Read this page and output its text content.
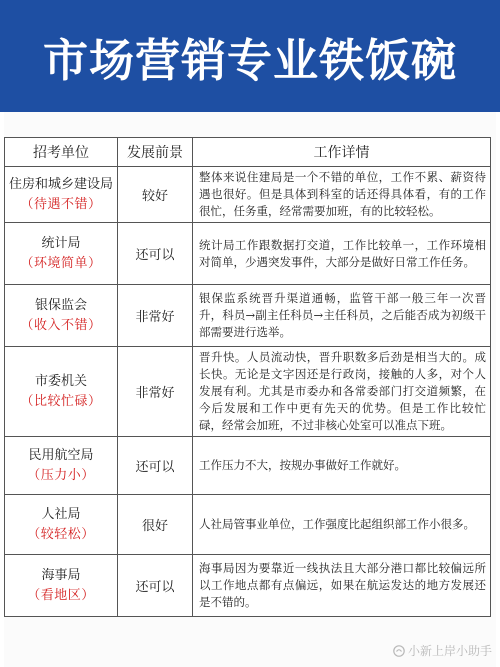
市场营销专业铁饭碗
招考单位	发展前景	工作详情

住房和城乡建设局
（待遇不错）	较好	整体来说住建局是一个不错的单位，工作不累、薪资待遇也很好。但是具体到科室的话还得具体看，有的工作很忙，任务重，经常需要加班，有的比较轻松。

统计局
（环境简单）	还可以	统计局工作跟数据打交道，工作比较单一，工作环境相对简单，少遇突发事件，大部分是做好日常工作任务。

银保监会
（收入不错）	非常好	银保监系统晋升渠道通畅，监管干部一般三年一次晋升，科员→副主任科员→主任科员，之后能否成为初级干部需要进行选举。

市委机关
（比较忙碌）	非常好	晋升快。人员流动快，晋升职数多后劲是相当大的。成长快。无论是文字因还是行政岗，接触的人多，对个人发展有利。尤其是市委办和各常委部门打交道频繁，在今后发展和工作中更有先天的优势。但是工作比较忙碌，经常会加班，不过非核心处室可以准点下班。

民用航空局
（压力小）	还可以	工作压力不大，按规办事做好工作就好。

人社局
（较轻松）	很好	人社局管事业单位，工作强度比起组织部工作小很多。

海事局
（看地区）	还可以	海事局因为要靠近一线执法且大部分港口都比较偏远所以工作地点都有点偏远，如果在航运发达的地方发展还是不错的。
小新上岸小助手
